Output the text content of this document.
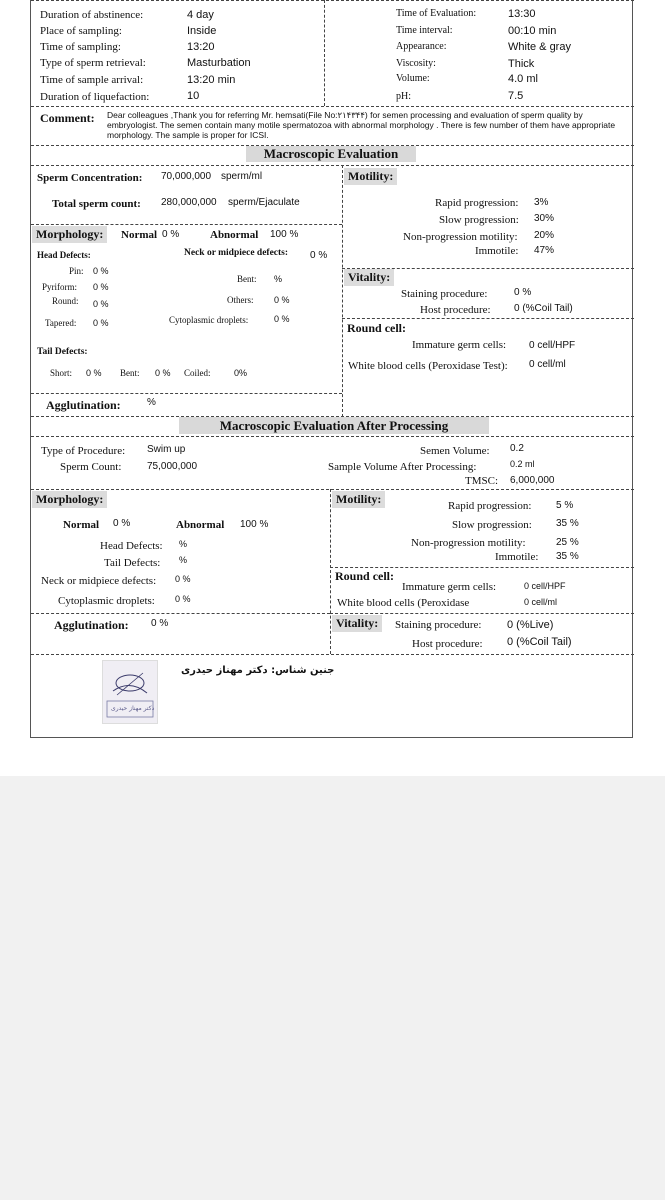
Duration of abstinence:	4 day
Place of sampling:	Inside
Time of sampling:	13:20
Type of sperm retrieval:	Masturbation
Time of sample arrival:	13:20 min
Duration of liquefaction:	10
Time of Evaluation:	13:30
Time interval:	00:10 min
Appearance:	White & gray
Viscosity:	Thick
Volume:	4.0 ml
pH:	7.5
Comment: Dear colleagues ,Thank you for referring Mr. hemsati(File No:۲۱۴۳۴۴) for semen processing and evaluation of sperm quality by embryologist. The semen contain many motile spermatozoa with abnormal morphology . There is few number of them have appropriate morphology. The sample is proper for ICSI.
Macroscopic Evaluation
Sperm Concentration: 70,000,000 sperm/ml
Total sperm count: 280,000,000 sperm/Ejaculate
Morphology:	Normal 0 %	Abnormal 100 %
Head Defects:	Neck or midpiece defects: 0 %
Pin: 0 %
Pyriform: 0 %
Round: 0 %
Tapered: 0 %
Bent: %
Others: 0 %
Cytoplasmic droplets:	0 %
Tail Defects:
Short: 0 % Bent: 0 % Coiled:	0%
Agglutination:	%
Motility:
Rapid progression: 3%
Slow progression: 30%
Non-progression motility: 20%
Immotile: 47%
Vitality:
Staining procedure:	0 %
Host procedure: 0 (%Coil Tail)
Round cell:
Immature germ cells: 0 cell/HPF
White blood cells (Peroxidase Test): 0 cell/ml
Macroscopic Evaluation After Processing
Type of Procedure: Swim up
Sperm Count:	75,000,000
Semen Volume: 0.2
Sample Volume After Processing:	0.2 ml
TMSC: 6,000,000
Morphology:
Normal 0 %	Abnormal 100 %
Head Defects: %
Tail Defects: %
Neck or midpiece defects: 0 %
Cytoplasmic droplets: 0 %
Agglutination: 0 %
Motility:	Rapid progression: 5 %
Slow progression: 35 %
Non-progression motility:	25 %
Immotile: 35 %
Round cell:
Immature germ cells:	0 cell/HPF
White blood cells (Peroxidase	0 cell/ml
Vitality:	Staining procedure: 0 (%Live)
Host procedure: 0 (%Coil Tail)
جنین شناس: دکتر مهناز حیدری
دکتر مهناز حیدری
